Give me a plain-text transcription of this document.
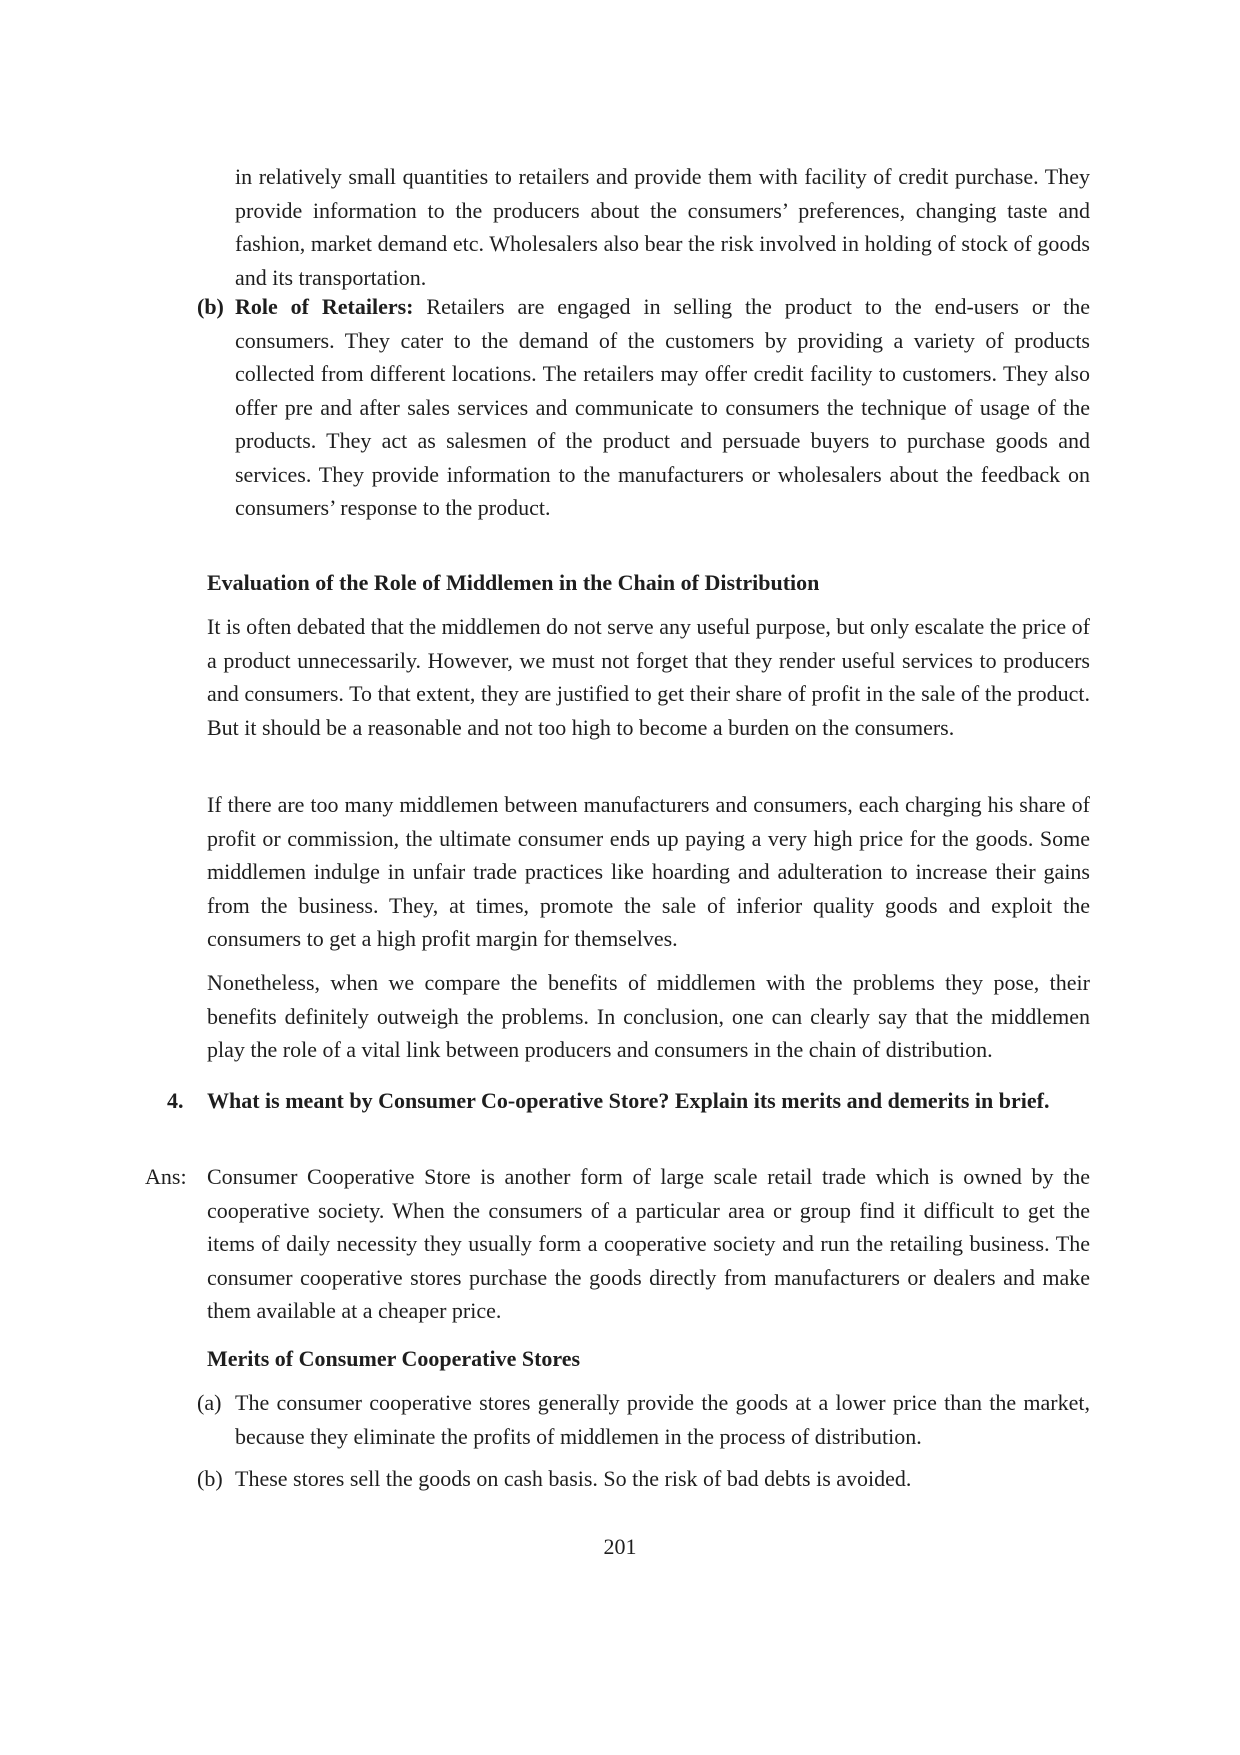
in relatively small quantities to retailers and provide them with facility of credit purchase. They provide information to the producers about the consumers’ preferences, changing taste and fashion, market demand etc. Wholesalers also bear the risk involved in holding of stock of goods and its transportation.

(b) Role of Retailers: Retailers are engaged in selling the product to the end-users or the consumers. They cater to the demand of the customers by providing a variety of products collected from different locations. The retailers may offer credit facility to customers. They also offer pre and after sales services and communicate to consumers the technique of usage of the products. They act as salesmen of the product and persuade buyers to purchase goods and services. They provide information to the manufacturers or wholesalers about the feedback on consumers’ response to the product.

Evaluation of the Role of Middlemen in the Chain of Distribution

It is often debated that the middlemen do not serve any useful purpose, but only escalate the price of a product unnecessarily. However, we must not forget that they render useful services to producers and consumers. To that extent, they are justified to get their share of profit in the sale of the product. But it should be a reasonable and not too high to become a burden on the consumers.

If there are too many middlemen between manufacturers and consumers, each charging his share of profit or commission, the ultimate consumer ends up paying a very high price for the goods. Some middlemen indulge in unfair trade practices like hoarding and adulteration to increase their gains from the business. They, at times, promote the sale of inferior quality goods and exploit the consumers to get a high profit margin for themselves.

Nonetheless, when we compare the benefits of middlemen with the problems they pose, their benefits definitely outweigh the problems. In conclusion, one can clearly say that the middlemen play the role of a vital link between producers and consumers in the chain of distribution.

4. What is meant by Consumer Co-operative Store? Explain its merits and demerits in brief.

Ans: Consumer Cooperative Store is another form of large scale retail trade which is owned by the cooperative society. When the consumers of a particular area or group find it difficult to get the items of daily necessity they usually form a cooperative society and run the retailing business. The consumer cooperative stores purchase the goods directly from manufacturers or dealers and make them available at a cheaper price.

Merits of Consumer Cooperative Stores

(a) The consumer cooperative stores generally provide the goods at a lower price than the market, because they eliminate the profits of middlemen in the process of distribution.

(b) These stores sell the goods on cash basis. So the risk of bad debts is avoided.

201
